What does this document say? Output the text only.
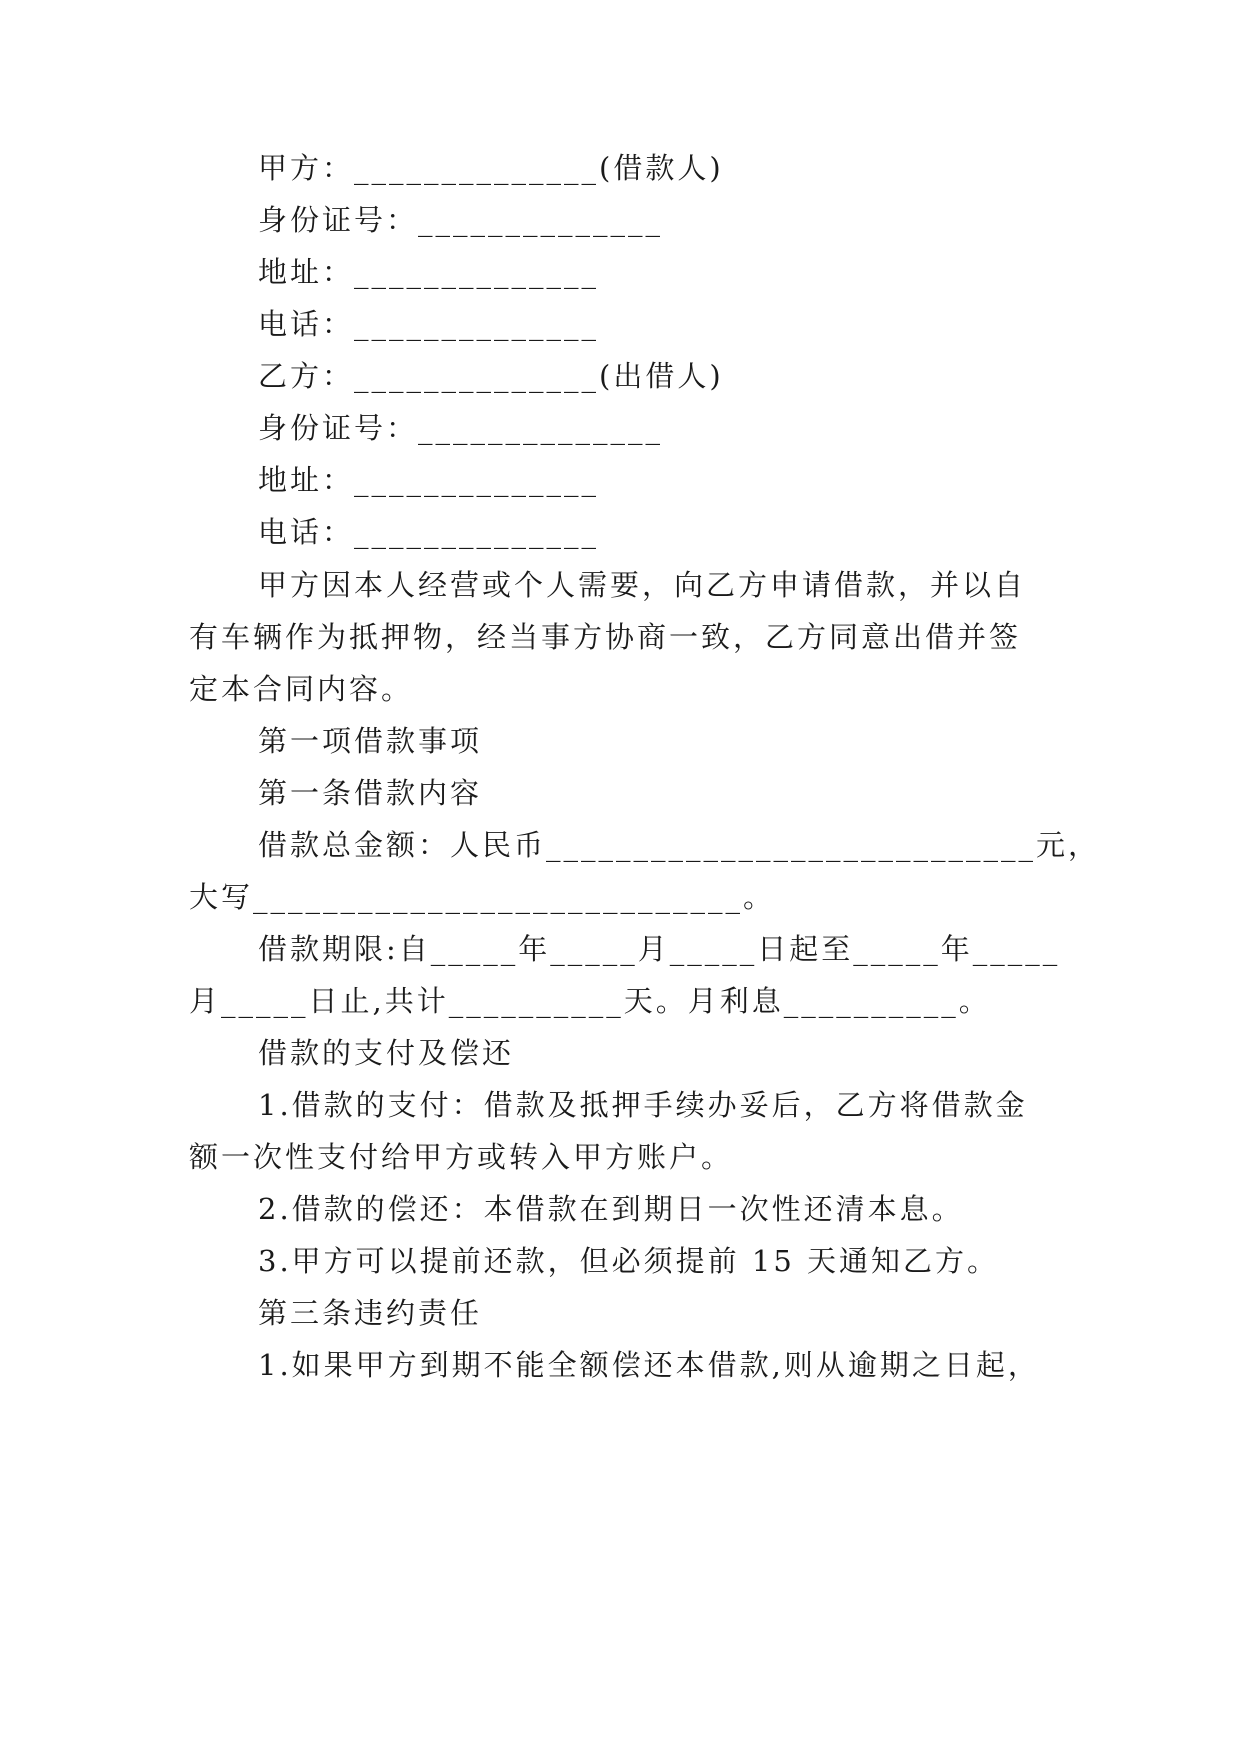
甲方：______________(借款人)
身份证号：______________
地址：______________
电话：______________
乙方：______________(出借人)
身份证号：______________
地址：______________
电话：______________
甲方因本人经营或个人需要，向乙方申请借款，并以自
有车辆作为抵押物，经当事方协商一致，乙方同意出借并签
定本合同内容。
第一项借款事项
第一条借款内容
借款总金额：人民币____________________________元，
大写____________________________。
借款期限:自_____年_____月_____日起至_____年_____
月_____日止,共计__________天。月利息__________。
借款的支付及偿还
1.借款的支付：借款及抵押手续办妥后，乙方将借款金
额一次性支付给甲方或转入甲方账户。
2.借款的偿还：本借款在到期日一次性还清本息。
3.甲方可以提前还款，但必须提前 15 天通知乙方。
第三条违约责任
1.如果甲方到期不能全额偿还本借款,则从逾期之日起，
